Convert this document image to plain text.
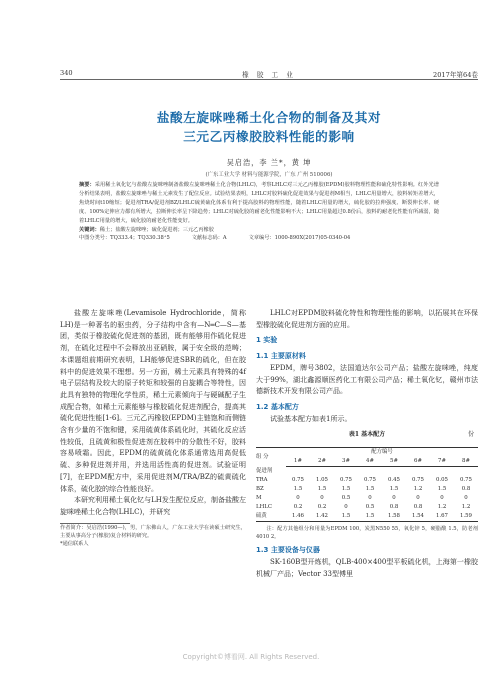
340	橡 胶 工 业	2017年第64卷
盐酸左旋咪唑稀土化合物的制备及其对
三元乙丙橡胶胶料性能的影响
吴启浩，李 兰*，黄 坤
(广东工业大学 材料与能源学院，广东 广州 510006)

摘要：采用稀土氧化钇与盐酸左旋咪唑制备盐酸左旋咪唑稀土化合物(LHLC)，考察LHLC对三元乙丙橡胶(EPDM)胶料物理性能和硫化特性影响。红外光谱分析结果表明，盐酸左旋咪唑与稀土元素发生了配位反应。试验结果表明，LHLC对胶料硫化促进效果与促进剂M相当，LHLC用量增大，胶料转矩差增大，焦烧时间t10缩短；促进剂TRA/促进剂BZ/LHLC硫黄硫化体系有利于提高胶料的物理性能，随着LHLC用量的增大，硫化胶的拉伸强度、断裂伸长率、硬度、100%定伸应力都有所增大，拉断伸长率呈下降趋势；LHLC对硫化胶的耐老化性能影响不大；LHLC用量超过0.8份后，胶料的耐老化性能有所减弱，随着LHLC用量的增大，硫化胶的耐老化性能变好。

关键词：稀土；盐酸左旋咪唑；硫化促进剂；三元乙丙橡胶

中图分类号：TQ333.4；TQ330.38⁺5	文献标志码：A	文章编号：1000-890X(2017)05-0340-04

盐酸左旋咪唑(Levamisole Hydrochloride，简称LH)是一种著名的驱虫药，分子结构中含有—N═C—S—基团，类似于橡胶硫化促进剂的基团，既有能够用作硫化促进剂，在硫化过程中不会释放出亚硝胺，属于安全级的范畴；本课题组前期研究表明，LH能够促进SBR的硫化，但在胶料中的促进效果不理想。另一方面，稀土元素具有特殊的4f电子层结构及较大的原子转矩和较强的自旋耦合等特性，因此具有独特的物理化学性质，稀土元素倾向于与硬碱配子生成配合物，如稀土元素能够与橡胶硫化促进剂配合，提高其硫化促进性能[1-6]。三元乙丙橡胶(EPDM)主链饱和而侧链含有少量的不饱和键，采用硫黄体系硫化时，其硫化反应活性较低，且硫黄和极性促进剂在胶料中的分散性不好，胶料容易喷霜。因此，EPDM的硫黄硫化体系通常选用高促低硫、多种促进剂并用，并选用活性高的促进剂。试验证明[7]，在EPDM配方中，采用促进剂M/TRA/BZ的硫黄硫化体系，硫化胶的综合性能良好。

本研究利用稀土氧化钇与LH发生配位反应，制备盐酸左旋咪唑稀土化合物(LHLC)，并研究

作者简介：吴启浩(1990—)，男，广东佛山人，广东工业大学在读硕士研究生，主要从事高分子(橡胶)复合材料的研究。

*通信联系人

LHLC对EPDM胶料硫化特性和物理性能的影响，以拓展其在环保型橡胶硫化促进剂方面的应用。

1 实验
1.1 主要原材料

EPDM，牌号3802，法国道达尔公司产品；盐酸左旋咪唑，纯度大于99%，湖北鑫源顺医药化工有限公司产品；稀土氧化钇，赣州市法德新技术开发有限公司产品。

1.2 基本配方

试验基本配方如表1所示。

表1 基本配方	份
组 分	配方编号							
	1#	2#	3#	4#	5#	6#	7#	8#
促进剂								
TRA	0.75	1.05	0.75	0.75	0.45	0.75	0.05	0.75
BZ	1.5	1.5	1.5	1.5	1.5	1.2	1.5	0.8
M	0	0	0.5	0	0	0	0	0
LHLC	0.2	0.2	0	0.5	0.8	0.8	1.2	1.2
硫黄	1.46	1.42	1.5	1.5	1.58	1.54	1.67	1.59

注：配方其他组分和用量为EPDM 100，炭黑N550 55，氧化锌 5，硬脂酸 1.5，防老剂4010 2。

1.3 主要设备与仪器

SK-160B型开炼机，QLB-400×400型平板硫化机，上海第一橡胶机械厂产品；Vector 33型傅里

Copyright©博看网. All Rights Reserved.
